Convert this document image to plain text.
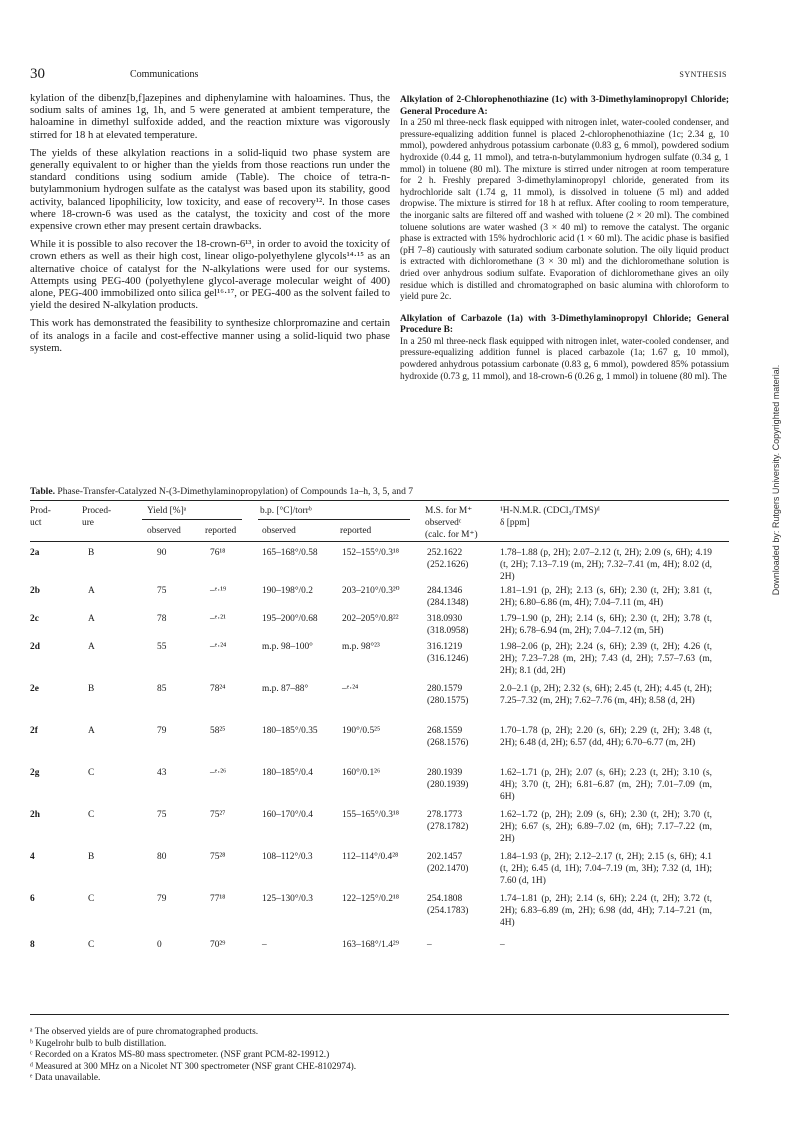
30	Communications	SYNTHESIS

kylation of the dibenz[b,f]azepines and diphenylamine with haloamines. Thus, the sodium salts of amines 1g, 1h, and 5 were generated at ambient temperature, the haloamine in dimethyl sulfoxide added, and the reaction mixture was vigorously stirred for 18 h at elevated temperature.

The yields of these alkylation reactions in a solid-liquid two phase system are generally equivalent to or higher than the yields from those reactions run under the standard conditions using sodium amide (Table). The choice of tetra-n-butylammonium hydrogen sulfate as the catalyst was based upon its stability, good activity, balanced lipophilicity, low toxicity, and ease of recovery¹². In those cases where 18-crown-6 was used as the catalyst, the toxicity and cost of the more expensive crown ether may present certain drawbacks.

While it is possible to also recover the 18-crown-6¹³, in order to avoid the toxicity of crown ethers as well as their high cost, linear oligo-polyethylene glycols¹⁴·¹⁵ as an alternative choice of catalyst for the N-alkylations were used for our systems. Attempts using PEG-400 (polyethylene glycol-average molecular weight of 400) alone, PEG-400 immobilized onto silica gel¹⁶·¹⁷, or PEG-400 as the solvent failed to yield the desired N-alkylation products.

This work has demonstrated the feasibility to synthesize chlorpromazine and certain of its analogs in a facile and cost-effective manner using a solid-liquid two phase system.

Alkylation of 2-Chlorophenothiazine (1c) with 3-Dimethylaminopropyl Chloride; General Procedure A:

In a 250 ml three-neck flask equipped with nitrogen inlet, water-cooled condenser, and pressure-equalizing addition funnel is placed 2-chlorophenothiazine (1c; 2.34 g, 10 mmol), powdered anhydrous potassium carbonate (0.83 g, 6 mmol), powdered sodium hydroxide (0.44 g, 11 mmol), and tetra-n-butylammonium hydrogen sulfate (0.34 g, 1 mmol) in toluene (80 ml). The mixture is stirred under nitrogen at room temperature for 2 h. Freshly prepared 3-dimethylaminopropyl chloride, generated from its hydrochloride salt (1.74 g, 11 mmol), is dissolved in toluene (5 ml) and added dropwise. The mixture is stirred for 18 h at reflux. After cooling to room temperature, the inorganic salts are filtered off and washed with toluene (2 × 20 ml). The combined toluene solutions are water washed (3 × 40 ml) to remove the catalyst. The organic phase is extracted with 15% hydrochloric acid (1 × 60 ml). The acidic phase is basified (pH 7–8) cautiously with saturated sodium carbonate solution. The oily liquid product is extracted with dichloromethane (3 × 30 ml) and the dichloromethane solution is dried over anhydrous sodium sulfate. Evaporation of dichloromethane gives an oily residue which is distilled and chromatographed on basic alumina with chloroform to yield pure 2c.

Alkylation of Carbazole (1a) with 3-Dimethylaminopropyl Chloride; General Procedure B:

In a 250 ml three-neck flask equipped with nitrogen inlet, water-cooled condenser, and pressure-equalizing addition funnel is placed carbazole (1a; 1.67 g, 10 mmol), powdered anhydrous potassium carbonate (0.83 g, 6 mmol), powdered 85% potassium hydroxide (0.73 g, 11 mmol), and 18-crown-6 (0.26 g, 1 mmol) in toluene (80 ml). The	Downloaded by: Rutgers University. Copyrighted material.
Table. Phase-Transfer-Catalyzed N-(3-Dimethylaminopropylation) of Compounds 1a–h, 3, 5, and 7
Prod-
uct
Proced-
ure
Yield [%]ᵃ	b.p. [°C]/torrᵇ	M.S. for M⁺
observedᶜ
(calc. for M⁺)
¹H-N.M.R. (CDCl₃/TMS)ᵈ
δ [ppm]
observed	reported	observed	reported
2a	B	90	76¹⁸	165–168°/0.58	152–155°/0.3¹⁸	252.1622
(252.1626)
1.78–1.88 (p, 2H); 2.07–2.12 (t, 2H); 2.09 (s, 6H); 4.19 (t, 2H); 7.13–7.19 (m, 2H); 7.32–7.41 (m, 4H); 8.02 (d, 2H)
2b	A	75	–ᵉ·¹⁹	190–198°/0.2	203–210°/0.3²⁰	284.1346
(284.1348)
1.81–1.91 (p, 2H); 2.13 (s, 6H); 2.30 (t, 2H); 3.81 (t, 2H); 6.80–6.86 (m, 4H); 7.04–7.11 (m, 4H)
2c	A	78	–ᵉ·²¹	195–200°/0.68	202–205°/0.8²²	318.0930
(318.0958)
1.79–1.90 (p, 2H); 2.14 (s, 6H); 2.30 (t, 2H); 3.78 (t, 2H); 6.78–6.94 (m, 2H); 7.04–7.12 (m, 5H)
2d	A	55	–ᵉ·²⁴	m.p. 98–100°	m.p. 98°²³	316.1219
(316.1246)
1.98–2.06 (p, 2H); 2.24 (s, 6H); 2.39 (t, 2H); 4.26 (t, 2H); 7.23–7.28 (m, 2H); 7.43 (d, 2H); 7.57–7.63 (m, 2H); 8.1 (dd, 2H)
2e	B	85	78²⁴	m.p. 87–88°	–ᵉ·²⁴	280.1579
(280.1575)
2.0–2.1 (p, 2H); 2.32 (s, 6H); 2.45 (t, 2H); 4.45 (t, 2H); 7.25–7.32 (m, 2H); 7.62–7.76 (m, 4H); 8.58 (d, 2H)
2f	A	79	58²⁵	180–185°/0.35	190°/0.5²⁵	268.1559
(268.1576)
1.70–1.78 (p, 2H); 2.20 (s, 6H); 2.29 (t, 2H); 3.48 (t, 2H); 6.48 (d, 2H); 6.57 (dd, 4H); 6.70–6.77 (m, 2H)
2g	C	43	–ᵉ·²⁶	180–185°/0.4	160°/0.1²⁶	280.1939
(280.1939)
1.62–1.71 (p, 2H); 2.07 (s, 6H); 2.23 (t, 2H); 3.10 (s, 4H); 3.70 (t, 2H); 6.81–6.87 (m, 2H); 7.01–7.09 (m, 6H)
2h	C	75	75²⁷	160–170°/0.4	155–165°/0.3¹⁸	278.1773
(278.1782)
1.62–1.72 (p, 2H); 2.09 (s, 6H); 2.30 (t, 2H); 3.70 (t, 2H); 6.67 (s, 2H); 6.89–7.02 (m, 6H); 7.17–7.22 (m, 2H)
4	B	80	75²⁸	108–112°/0.3	112–114°/0.4²⁸	202.1457
(202.1470)
1.84–1.93 (p, 2H); 2.12–2.17 (t, 2H); 2.15 (s, 6H); 4.1 (t, 2H); 6.45 (d, 1H); 7.04–7.19 (m, 3H); 7.32 (d, 1H); 7.60 (d, 1H)
6	C	79	77¹⁸	125–130°/0.3	122–125°/0.2¹⁸	254.1808
(254.1783)
1.74–1.81 (p, 2H); 2.14 (s, 6H); 2.24 (t, 2H); 3.72 (t, 2H); 6.83–6.89 (m, 2H); 6.98 (dd, 4H); 7.14–7.21 (m, 4H)
8	C	0	70²⁹	–	163–168°/1.4²⁹	–	–
ᵃ The observed yields are of pure chromatographed products.
ᵇ Kugelrohr bulb to bulb distillation.
ᶜ Recorded on a Kratos MS-80 mass spectrometer. (NSF grant PCM-82-19912.)
ᵈ Measured at 300 MHz on a Nicolet NT 300 spectrometer (NSF grant CHE-8102974).
ᵉ Data unavailable.
